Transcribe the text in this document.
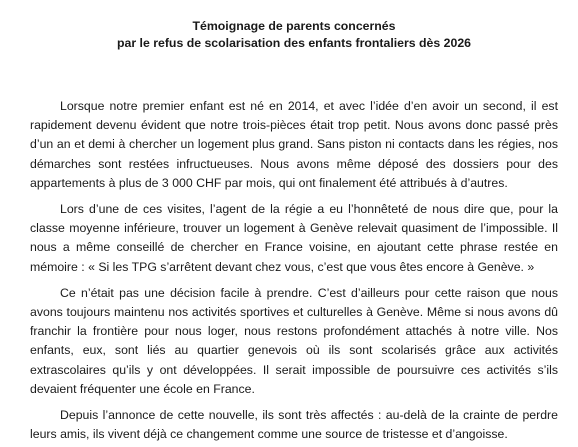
Témoignage de parents concernés
par le refus de scolarisation des enfants frontaliers dès 2026

Lorsque notre premier enfant est né en 2014, et avec l’idée d’en avoir un second, il est rapidement devenu évident que notre trois-pièces était trop petit. Nous avons donc passé près d’un an et demi à chercher un logement plus grand. Sans piston ni contacts dans les régies, nos démarches sont restées infructueuses. Nous avons même déposé des dossiers pour des appartements à plus de 3 000 CHF par mois, qui ont finalement été attribués à d’autres.

Lors d’une de ces visites, l’agent de la régie a eu l’honnêteté de nous dire que, pour la classe moyenne inférieure, trouver un logement à Genève relevait quasiment de l’impossible. Il nous a même conseillé de chercher en France voisine, en ajoutant cette phrase restée en mémoire : « Si les TPG s’arrêtent devant chez vous, c’est que vous êtes encore à Genève. »

Ce n’était pas une décision facile à prendre. C’est d’ailleurs pour cette raison que nous avons toujours maintenu nos activités sportives et culturelles à Genève. Même si nous avons dû franchir la frontière pour nous loger, nous restons profondément attachés à notre ville. Nos enfants, eux, sont liés au quartier genevois où ils sont scolarisés grâce aux activités extrascolaires qu’ils y ont développées. Il serait impossible de poursuivre ces activités s’ils devaient fréquenter une école en France.

Depuis l’annonce de cette nouvelle, ils sont très affectés : au-delà de la crainte de perdre leurs amis, ils vivent déjà ce changement comme une source de tristesse et d’angoisse.
